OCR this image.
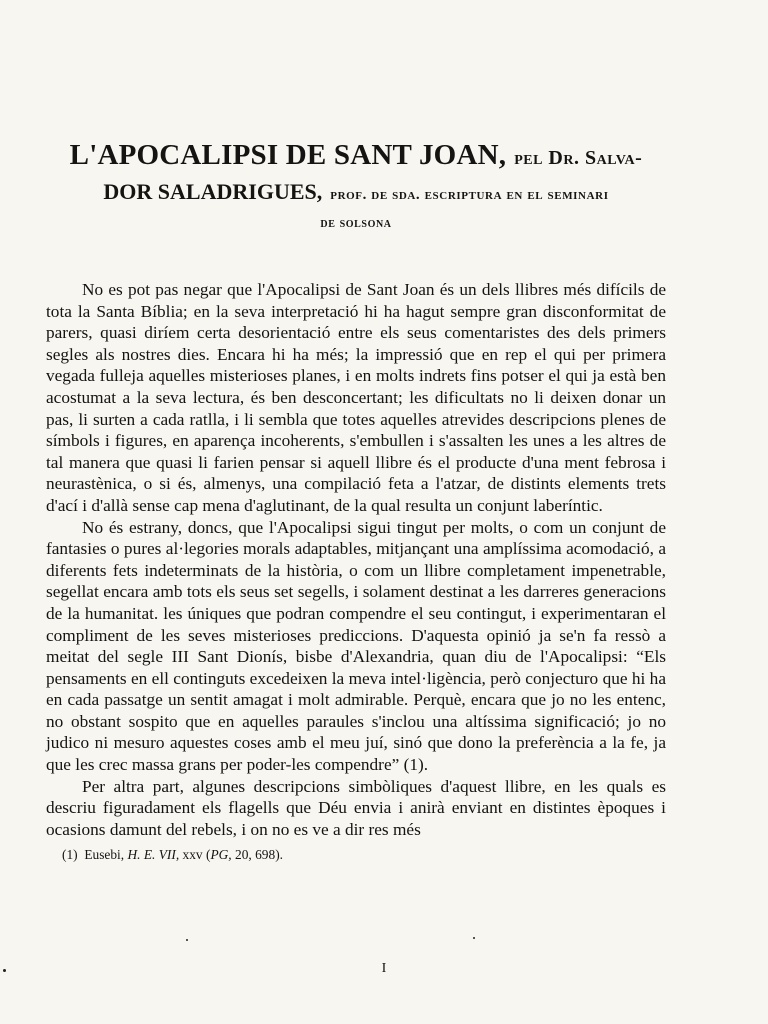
L'APOCALIPSI DE SANT JOAN, pel Dr. Salva-
DOR SALADRIGUES, prof. de sda. escriptura en el seminari
de solsona

No es pot pas negar que l'Apocalipsi de Sant Joan és un dels llibres més difícils de tota la Santa Bíblia; en la seva interpretació hi ha hagut sempre gran disconformitat de parers, quasi diríem certa desorientació entre els seus comentaristes des dels primers segles als nostres dies. Encara hi ha més; la impressió que en rep el qui per primera vegada fulleja aquelles misterioses planes, i en molts indrets fins potser el qui ja està ben acostumat a la seva lectura, és ben desconcertant; les dificultats no li deixen donar un pas, li surten a cada ratlla, i li sembla que totes aquelles atrevides descripcions plenes de símbols i figures, en aparença incoherents, s'embullen i s'assalten les unes a les altres de tal manera que quasi li farien pensar si aquell llibre és el producte d'una ment febrosa i neurastènica, o si és, almenys, una compilació feta a l'atzar, de distints elements trets d'ací i d'allà sense cap mena d'aglutinant, de la qual resulta un conjunt laberíntic.

No és estrany, doncs, que l'Apocalipsi sigui tingut per molts, o com un conjunt de fantasies o pures al·legories morals adaptables, mitjançant una amplíssima acomodació, a diferents fets indeterminats de la història, o com un llibre completament impenetrable, segellat encara amb tots els seus set segells, i solament destinat a les darreres generacions de la humanitat. les úniques que podran compendre el seu contingut, i experimentaran el compliment de les seves misterioses prediccions. D'aquesta opinió ja se'n fa ressò a meitat del segle III Sant Dionís, bisbe d'Alexandria, quan diu de l'Apocalipsi: “Els pensaments en ell continguts excedeixen la meva intel·ligència, però conjecturo que hi ha en cada passatge un sentit amagat i molt admirable. Perquè, encara que jo no les entenc, no obstant sospito que en aquelles paraules s'inclou una altíssima significació; jo no judico ni mesuro aquestes coses amb el meu juí, sinó que dono la preferència a la fe, ja que les crec massa grans per poder-les compendre” (1).

Per altra part, algunes descripcions simbòliques d'aquest llibre, en les quals es descriu figuradament els flagells que Déu envia i anirà enviant en distintes èpoques i ocasions damunt del rebels, i on no es ve a dir res més

(1) Eusebi, H. E. VII, xxv (PG, 20, 698).
I
